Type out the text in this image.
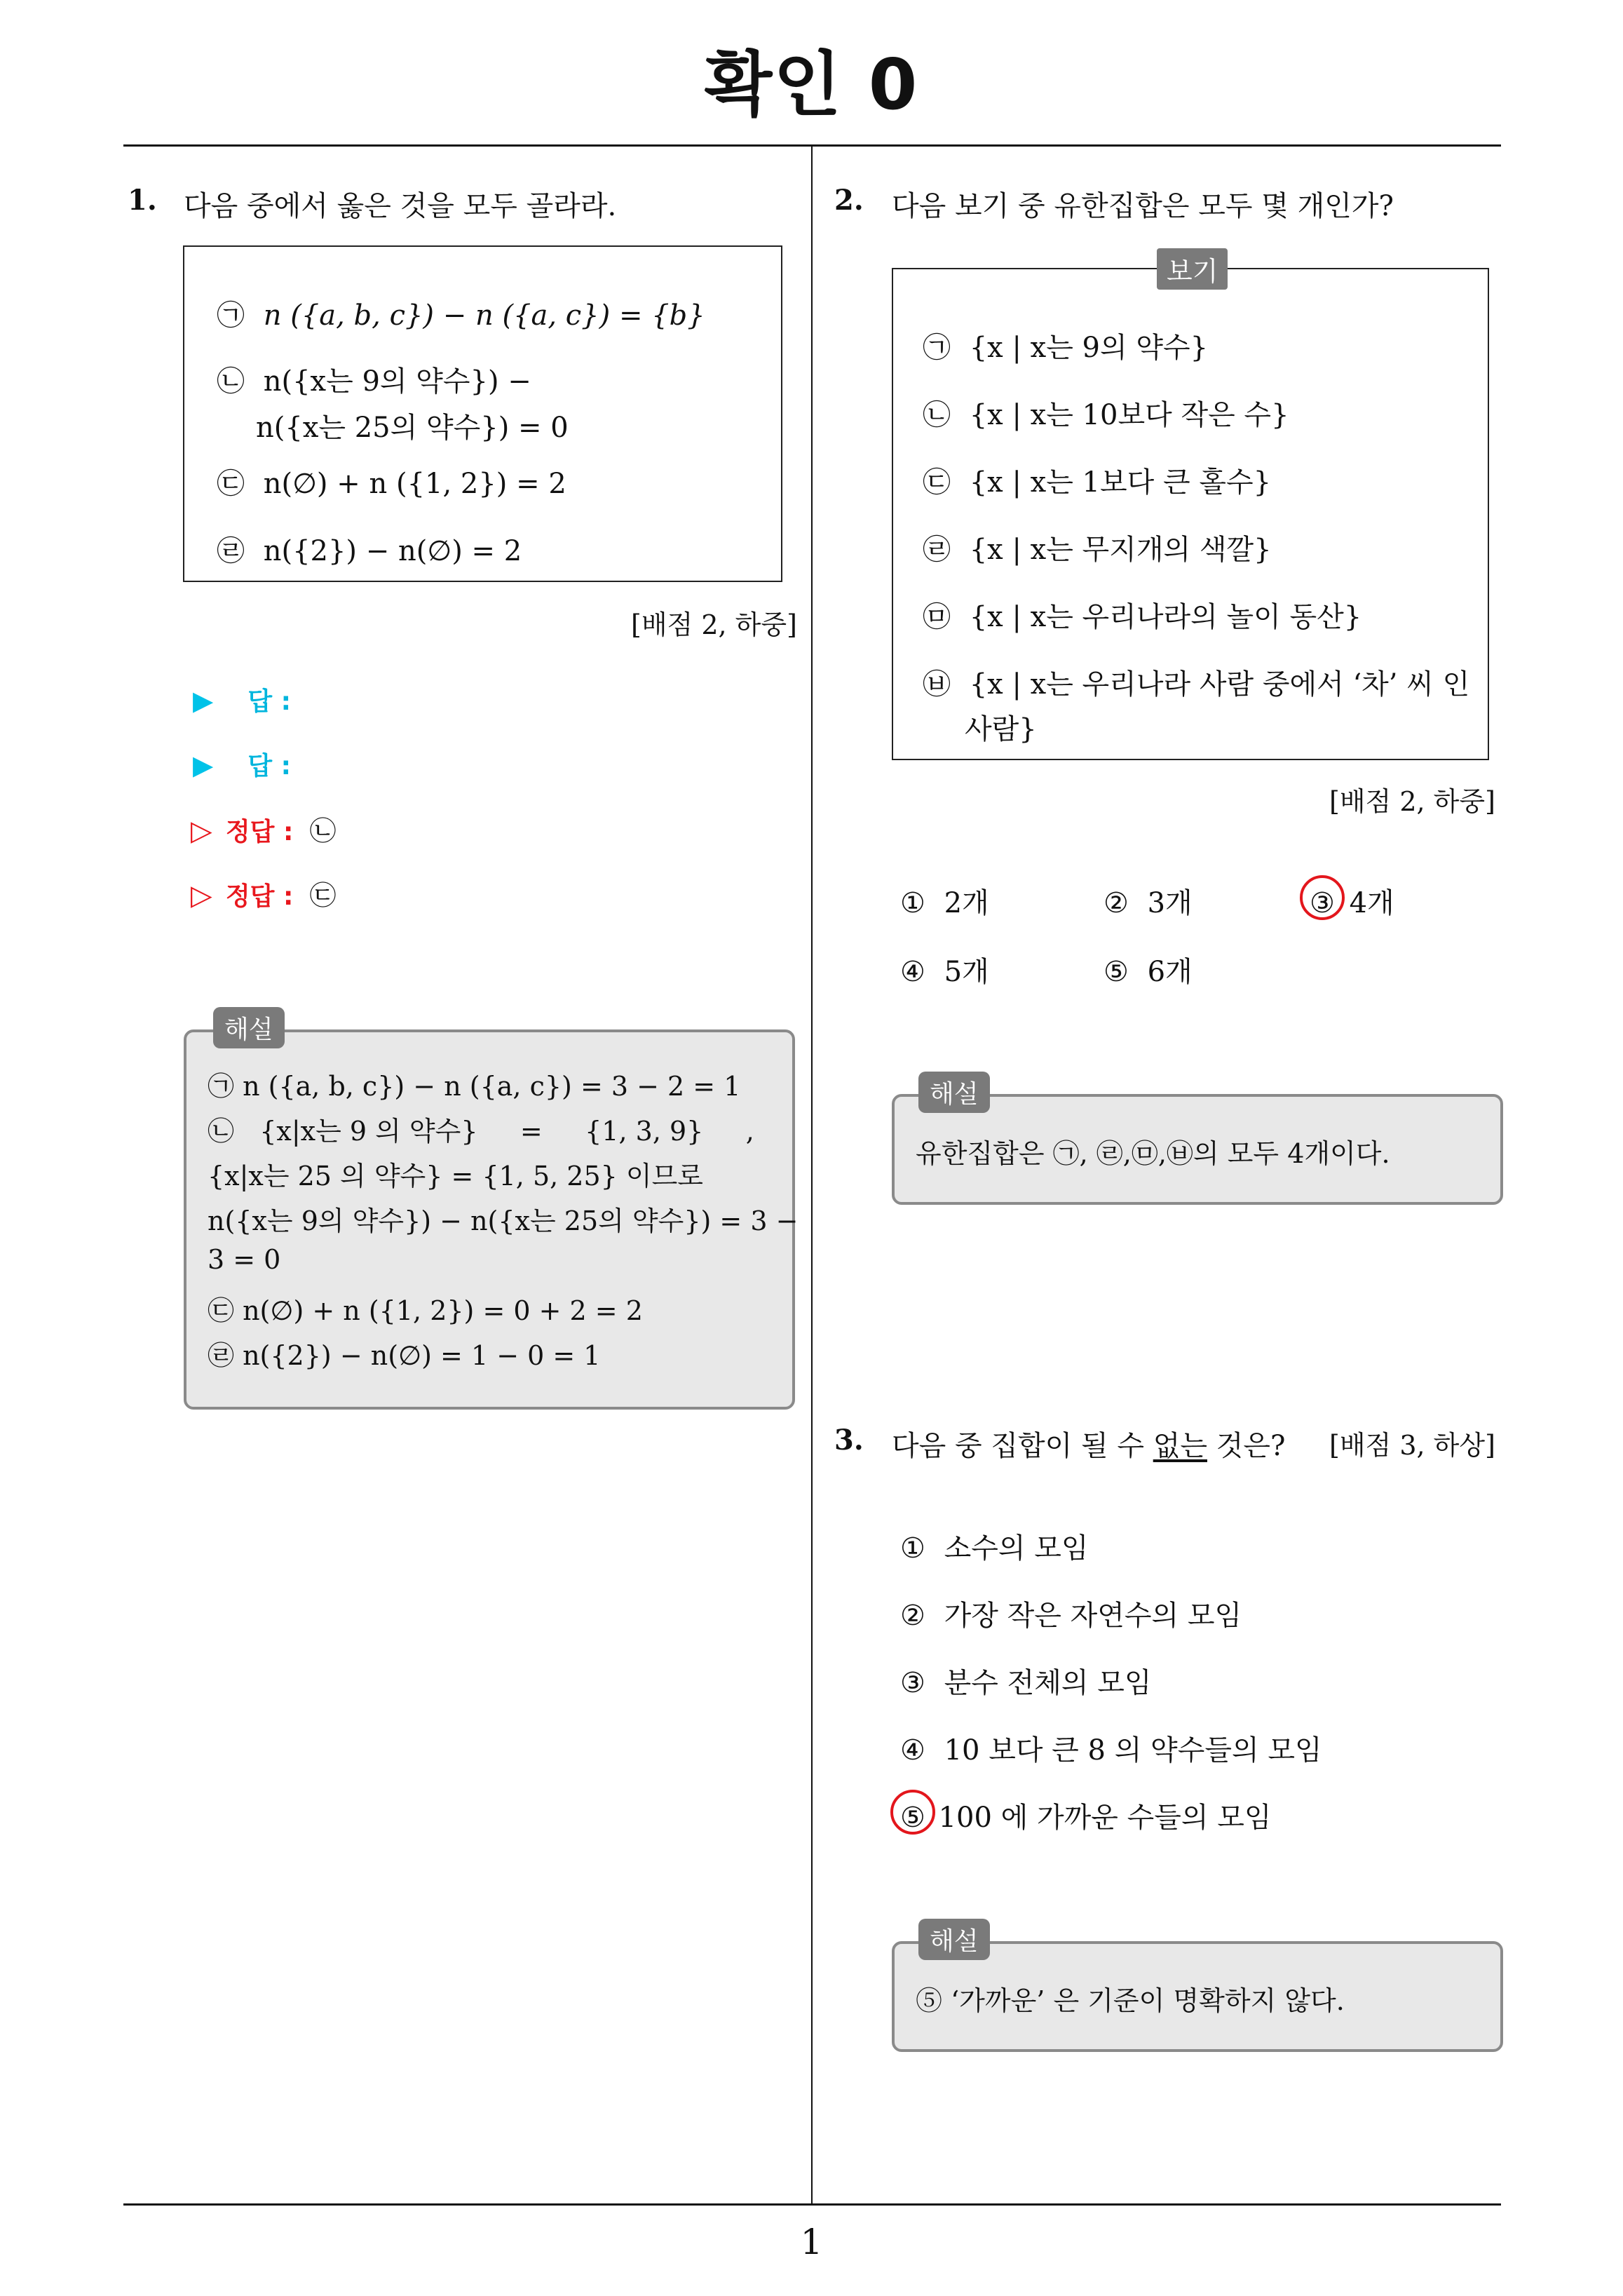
확인 0
1
1. 다음 중에서 옳은 것을 모두 골라라.
㉠ n ({a, b, c}) − n ({a, c}) = {b}
㉡ n({x는 9의 약수}) −
n({x는 25의 약수}) = 0
㉢ n(∅) + n ({1, 2}) = 2
㉣ n({2}) − n(∅) = 2
[배점 2, 하중]
▶ 답 :
▶ 답 :
▷ 정답 : ㉡
▷ 정답 : ㉢
㉠ n ({a, b, c}) − n ({a, c}) = 3 − 2 = 1
㉡   {x|x는 9 의 약수}     =     {1, 3, 9}     ,
{x|x는 25 의 약수} = {1, 5, 25} 이므로
n({x는 9의 약수}) − n({x는 25의 약수}) = 3 −
3 = 0
㉢ n(∅) + n ({1, 2}) = 0 + 2 = 2
㉣ n({2}) − n(∅) = 1 − 0 = 1
해설
2. 다음 보기 중 유한집합은 모두 몇 개인가?
㉠ {x | x는 9의 약수}
㉡ {x | x는 10보다 작은 수}
㉢ {x | x는 1보다 큰 홀수}
㉣ {x | x는 무지개의 색깔}
㉤ {x | x는 우리나라의 놀이 동산}
㉥ {x | x는 우리나라 사람 중에서 ‘차’ 씨 인
사람}
보기
[배점 2, 하중]
① 2개	② 3개	③ 4개
④ 5개	⑤ 6개
유한집합은 ㉠, ㉣,㉤,㉥의 모두 4개이다.
해설
3. 다음 중 집합이 될 수 없는 것은? [배점 3, 하상]
① 소수의 모임
② 가장 작은 자연수의 모임
③ 분수 전체의 모임
④ 10 보다 큰 8 의 약수들의 모임
⑤ 100 에 가까운 수들의 모임
⑤ ‘가까운’ 은 기준이 명확하지 않다.
해설
